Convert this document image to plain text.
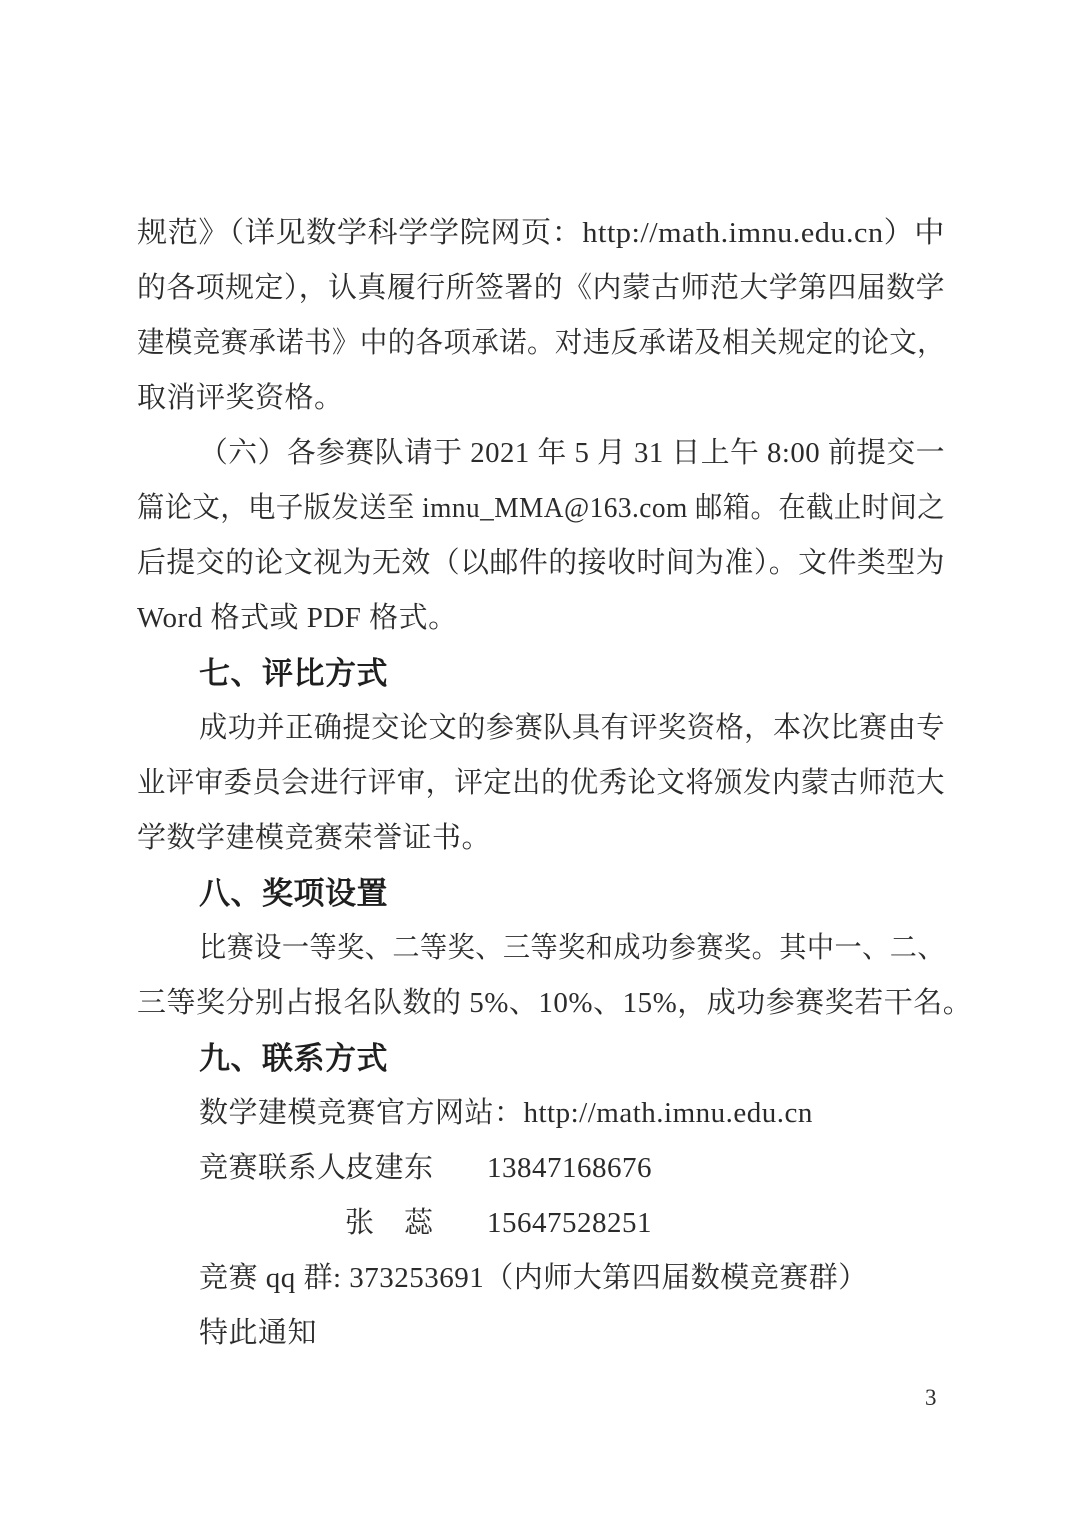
规范》（详见数学科学学院网页：http://math.imnu.edu.cn）中
的各项规定），认真履行所签署的《内蒙古师范大学第四届数学
建模竞赛承诺书》中的各项承诺。对违反承诺及相关规定的论文，
取消评奖资格。
（六）各参赛队请于 2021 年 5 月 31 日上午 8:00 前提交一
篇论文，电子版发送至 imnu_MMA@163.com 邮箱。在截止时间之
后提交的论文视为无效（以邮件的接收时间为准）。文件类型为
Word 格式或 PDF 格式。
七、评比方式
成功并正确提交论文的参赛队具有评奖资格，本次比赛由专
业评审委员会进行评审，评定出的优秀论文将颁发内蒙古师范大
学数学建模竞赛荣誉证书。
八、奖项设置
比赛设一等奖、二等奖、三等奖和成功参赛奖。其中一、二、
三等奖分别占报名队数的 5%、10%、15%，成功参赛奖若干名。
九、联系方式
数学建模竞赛官方网站：http://math.imnu.edu.cn
竞赛联系人:
皮建东 13847168676
张　蕊 15647528251
竞赛 qq 群: 373253691（内师大第四届数模竞赛群）
特此通知
3
